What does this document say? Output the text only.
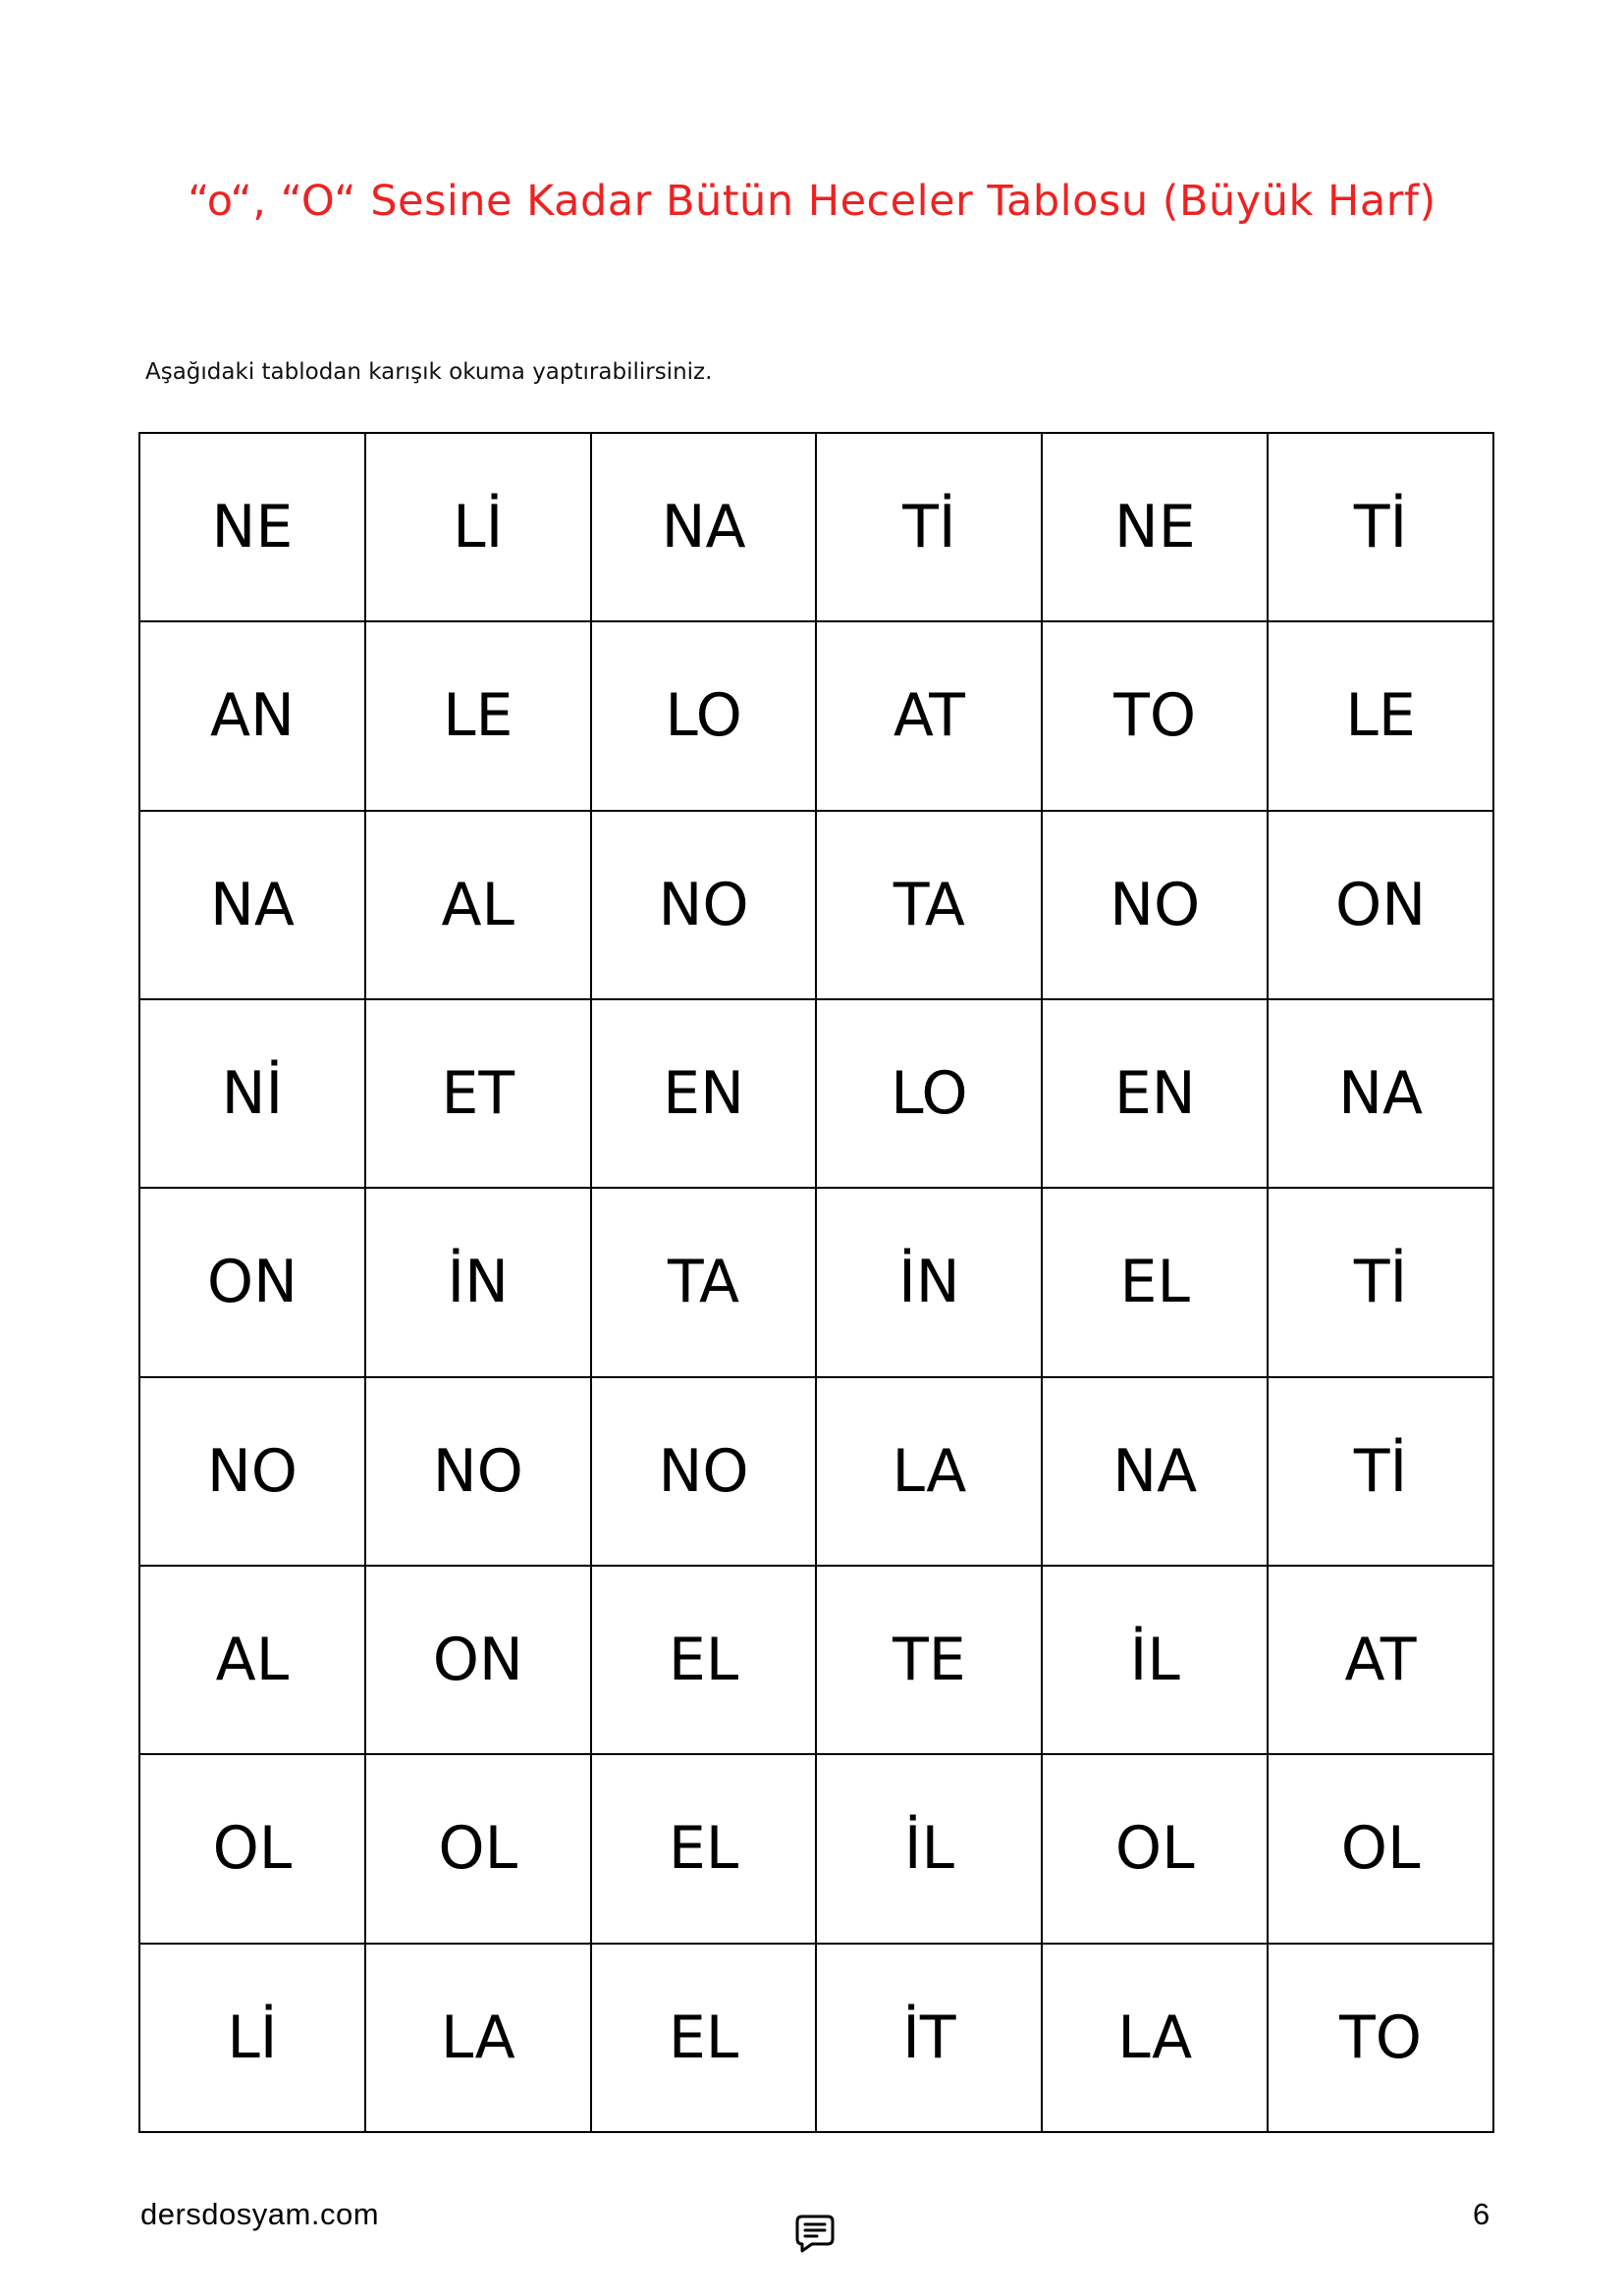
“o“, “O“ Sesine Kadar Bütün Heceler Tablosu (Büyük Harf)
Aşağıdaki tablodan karışık okuma yaptırabilirsiniz.
NE	Lİ	NA	Tİ	NE	Tİ
AN	LE	LO	AT	TO	LE
NA	AL	NO	TA	NO	ON
Nİ	ET	EN	LO	EN	NA
ON	İN	TA	İN	EL	Tİ
NO	NO	NO	LA	NA	Tİ
AL	ON	EL	TE	İL	AT
OL	OL	EL	İL	OL	OL
Lİ	LA	EL	İT	LA	TO
dersdosyam.com	6
